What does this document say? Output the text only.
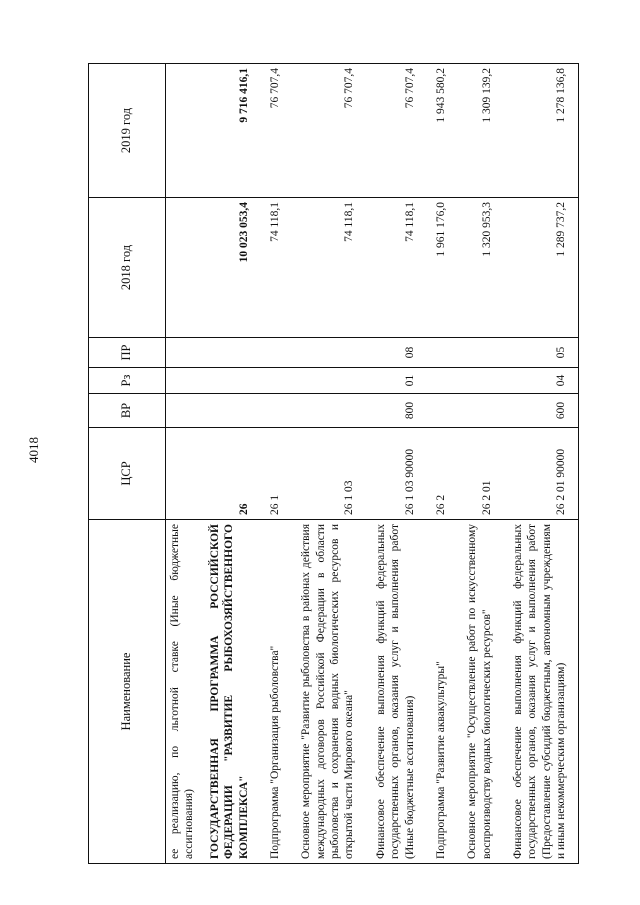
4018
Наименование	ЦСР	ВР	Рз	ПР	2018 год	2019 год
ее реализацию, по льготной ставке (Иные бюджетные ассигнования)						
ГОСУДАРСТВЕННАЯ ПРОГРАММА РОССИЙСКОЙ ФЕДЕРАЦИИ "РАЗВИТИЕ РЫБОХОЗЯЙСТВЕННОГО КОМПЛЕКСА"	26				10 023 053,4	9 716 416,1
Подпрограмма "Организация рыболовства"	26 1				74 118,1	76 707,4
Основное мероприятие "Развитие рыболовства в районах действия международных договоров Российской Федерации в области рыболовства и сохранения водных биологических ресурсов и открытой части Мирового океана"	26 1 03				74 118,1	76 707,4
Финансовое обеспечение выполнения функций федеральных государственных органов, оказания услуг и выполнения работ (Иные бюджетные ассигнования)	26 1 03 90000	800	01	08	74 118,1	76 707,4
Подпрограмма "Развитие аквакультуры"	26 2				1 961 176,0	1 943 580,2
Основное мероприятие "Осуществление работ по искусственному воспроизводству водных биологических ресурсов"	26 2 01				1 320 953,3	1 309 139,2
Финансовое обеспечение выполнения функций федеральных государственных органов, оказания услуг и выполнения работ (Предоставление субсидий бюджетным, автономным учреждениям и иным некоммерческим организациям)	26 2 01 90000	600	04	05	1 289 737,2	1 278 136,8
